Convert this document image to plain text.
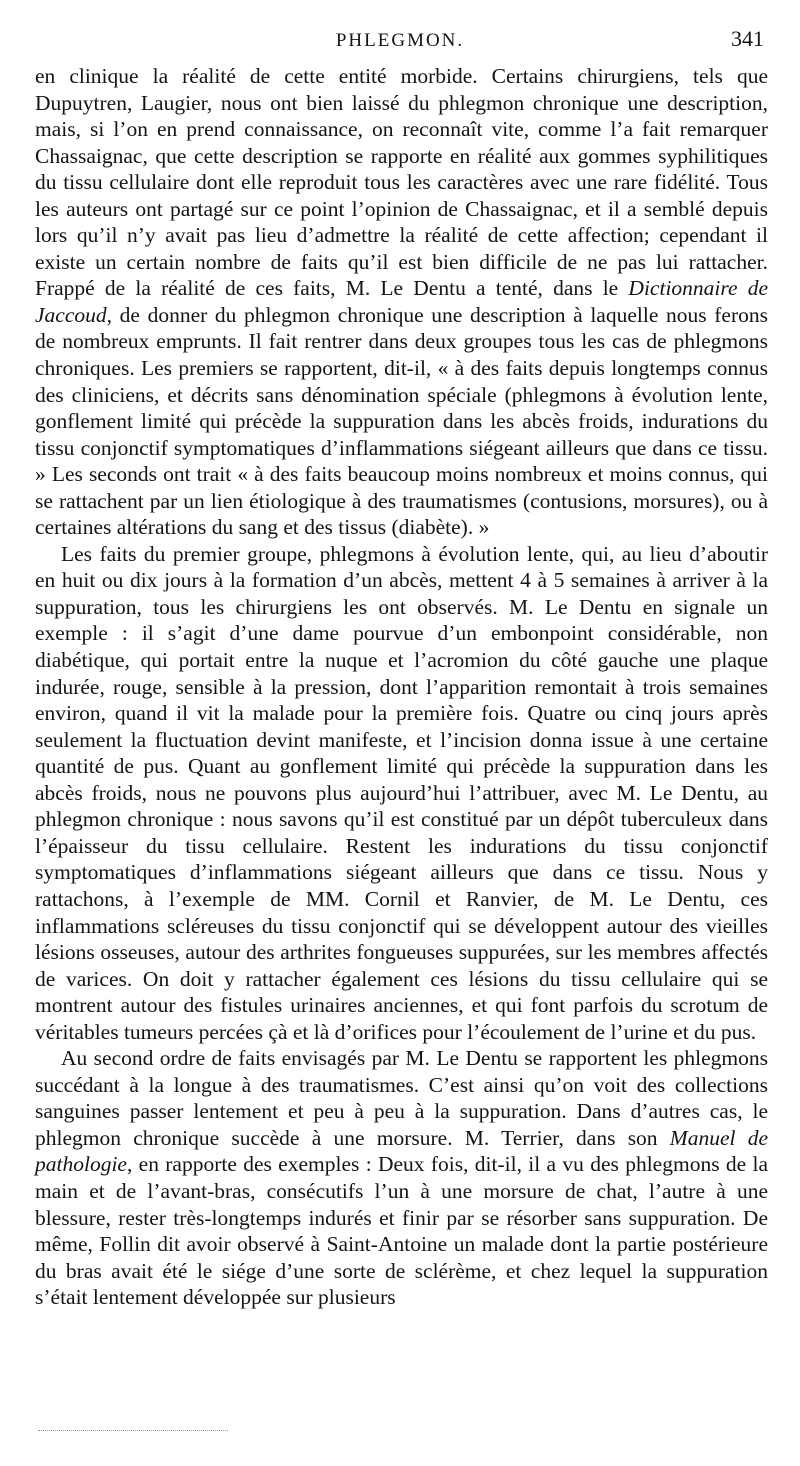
PHLEGMON.	341

en clinique la réalité de cette entité morbide. Certains chirurgiens, tels que Dupuytren, Laugier, nous ont bien laissé du phlegmon chronique une description, mais, si l’on en prend connaissance, on reconnaît vite, comme l’a fait remarquer Chassaignac, que cette description se rapporte en réalité aux gommes syphilitiques du tissu cellulaire dont elle reproduit tous les caractères avec une rare fidélité. Tous les auteurs ont partagé sur ce point l’opinion de Chassaignac, et il a semblé depuis lors qu’il n’y avait pas lieu d’admettre la réalité de cette affection; cependant il existe un certain nombre de faits qu’il est bien difficile de ne pas lui rattacher. Frappé de la réalité de ces faits, M. Le Dentu a tenté, dans le Dictionnaire de Jaccoud, de donner du phlegmon chronique une description à laquelle nous ferons de nombreux emprunts. Il fait rentrer dans deux groupes tous les cas de phlegmons chroniques. Les premiers se rapportent, dit-il, « à des faits depuis longtemps connus des cliniciens, et décrits sans dénomination spéciale (phlegmons à évolution lente, gonflement limité qui précède la suppuration dans les abcès froids, indurations du tissu conjonctif symptomatiques d’inflammations siégeant ailleurs que dans ce tissu. » Les seconds ont trait « à des faits beaucoup moins nombreux et moins connus, qui se rattachent par un lien étiologique à des traumatismes (contusions, morsures), ou à certaines altérations du sang et des tissus (diabète). »

Les faits du premier groupe, phlegmons à évolution lente, qui, au lieu d’aboutir en huit ou dix jours à la formation d’un abcès, mettent 4 à 5 semaines à arriver à la suppuration, tous les chirurgiens les ont observés. M. Le Dentu en signale un exemple : il s’agit d’une dame pourvue d’un embonpoint considérable, non diabétique, qui portait entre la nuque et l’acromion du côté gauche une plaque indurée, rouge, sensible à la pression, dont l’apparition remontait à trois semaines environ, quand il vit la malade pour la première fois. Quatre ou cinq jours après seulement la fluctuation devint manifeste, et l’incision donna issue à une certaine quantité de pus. Quant au gonflement limité qui précède la suppuration dans les abcès froids, nous ne pouvons plus aujourd’hui l’attribuer, avec M. Le Dentu, au phlegmon chronique : nous savons qu’il est constitué par un dépôt tuberculeux dans l’épaisseur du tissu cellulaire. Restent les indurations du tissu conjonctif symptomatiques d’inflammations siégeant ailleurs que dans ce tissu. Nous y rattachons, à l’exemple de MM. Cornil et Ranvier, de M. Le Dentu, ces inflammations scléreuses du tissu conjonctif qui se développent autour des vieilles lésions osseuses, autour des arthrites fongueuses suppurées, sur les membres affectés de varices. On doit y rattacher également ces lésions du tissu cellulaire qui se montrent autour des fistules urinaires anciennes, et qui font parfois du scrotum de véritables tumeurs percées çà et là d’orifices pour l’écoulement de l’urine et du pus.

Au second ordre de faits envisagés par M. Le Dentu se rapportent les phlegmons succédant à la longue à des traumatismes. C’est ainsi qu’on voit des collections sanguines passer lentement et peu à peu à la suppuration. Dans d’autres cas, le phlegmon chronique succède à une morsure. M. Terrier, dans son Manuel de pathologie, en rapporte des exemples : Deux fois, dit-il, il a vu des phlegmons de la main et de l’avant-bras, consécutifs l’un à une morsure de chat, l’autre à une blessure, rester très-longtemps indurés et finir par se résorber sans suppuration. De même, Follin dit avoir observé à Saint-Antoine un malade dont la partie postérieure du bras avait été le siége d’une sorte de sclérème, et chez lequel la suppuration s’était lentement développée sur plusieurs
